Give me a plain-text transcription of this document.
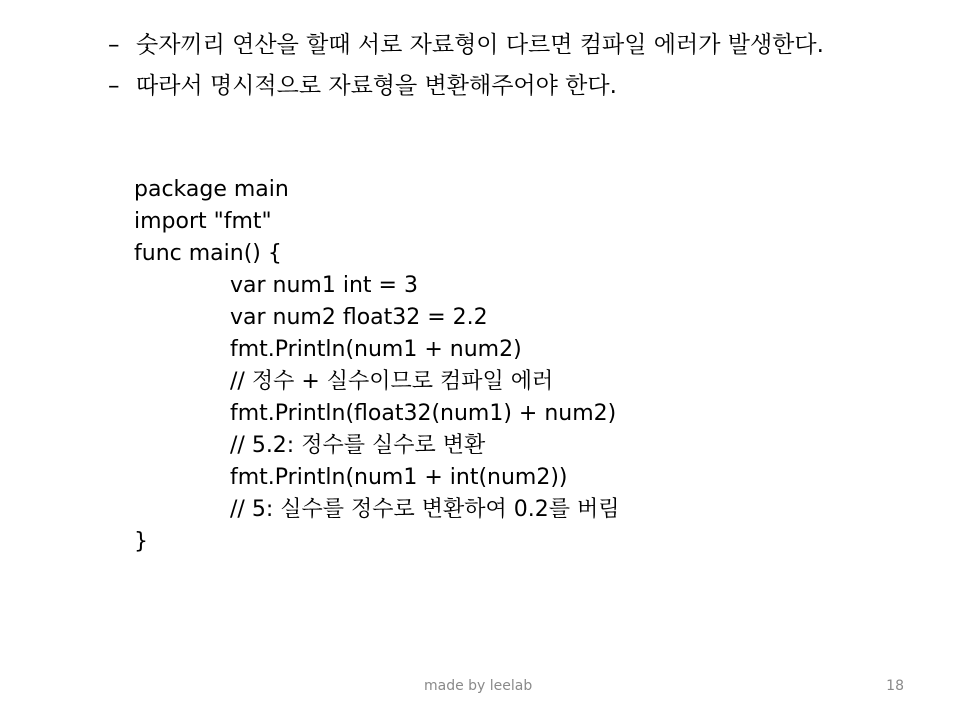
– 숫자끼리 연산을 할때 서로 자료형이 다르면 컴파일 에러가 발생한다.
– 따라서 명시적으로 자료형을 변환해주어야 한다.
package main
import "fmt"
func main() {
var num1 int = 3
var num2 float32 = 2.2
fmt.Println(num1 + num2)
// 정수 + 실수이므로 컴파일 에러
fmt.Println(float32(num1) + num2)
// 5.2: 정수를 실수로 변환
fmt.Println(num1 + int(num2))
// 5: 실수를 정수로 변환하여 0.2를 버림
}
made by leelab	18
